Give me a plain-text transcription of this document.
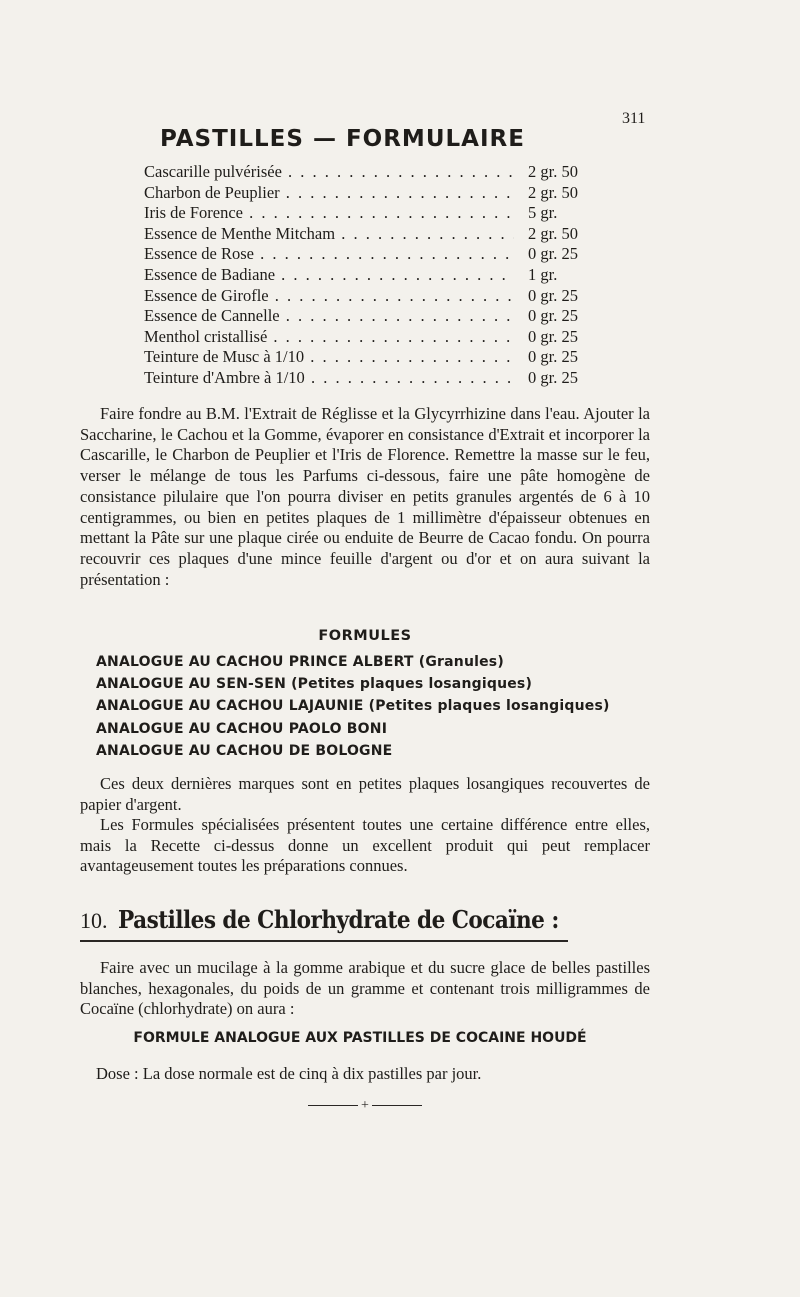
311
PASTILLES — FORMULAIRE
Cascarille pulvérisée . . .	2 gr. 50
Charbon de Peuplier . . .	2 gr. 50
Iris de Forence . . .	5 gr.
Essence de Menthe Mitcham . . .	2 gr. 50
Essence de Rose . . .	0 gr. 25
Essence de Badiane . . .	1 gr.
Essence de Girofle . . .	0 gr. 25
Essence de Cannelle . . .	0 gr. 25
Menthol cristallisé . . .	0 gr. 25
Teinture de Musc à 1/10 . . .	0 gr. 25
Teinture d'Ambre à 1/10 . . .	0 gr. 25

Faire fondre au B.M. l'Extrait de Réglisse et la Glycyrrhizine dans l'eau. Ajouter la Saccharine, le Cachou et la Gomme, évaporer en consistance d'Extrait et incorporer la Cascarille, le Charbon de Peuplier et l'Iris de Florence. Remettre la masse sur le feu, verser le mélange de tous les Parfums ci-dessous, faire une pâte homogène de consistance pilulaire que l'on pourra diviser en petits granules argentés de 6 à 10 centigrammes, ou bien en petites plaques de 1 millimètre d'épaisseur obtenues en mettant la Pâte sur une plaque cirée ou enduite de Beurre de Cacao fondu. On pourra recouvrir ces plaques d'une mince feuille d'argent ou d'or et on aura suivant la présentation :

FORMULES
ANALOGUE AU CACHOU PRINCE ALBERT (Granules)
ANALOGUE AU SEN-SEN (Petites plaques losangiques)
ANALOGUE AU CACHOU LAJAUNIE (Petites plaques losangiques)
ANALOGUE AU CACHOU PAOLO BONI
ANALOGUE AU CACHOU DE BOLOGNE

Ces deux dernières marques sont en petites plaques losangiques recouvertes de papier d'argent.

Les Formules spécialisées présentent toutes une certaine différence entre elles, mais la Recette ci-dessus donne un excellent produit qui peut remplacer avantageusement toutes les préparations connues.

10. Pastilles de Chlorhydrate de Cocaïne :

Faire avec un mucilage à la gomme arabique et du sucre glace de belles pastilles blanches, hexagonales, du poids de un gramme et contenant trois milligrammes de Cocaïne (chlorhydrate) on aura :

FORMULE ANALOGUE AUX PASTILLES DE COCAINE HOUDÉ
Dose : La dose normale est de cinq à dix pastilles par jour.
+
